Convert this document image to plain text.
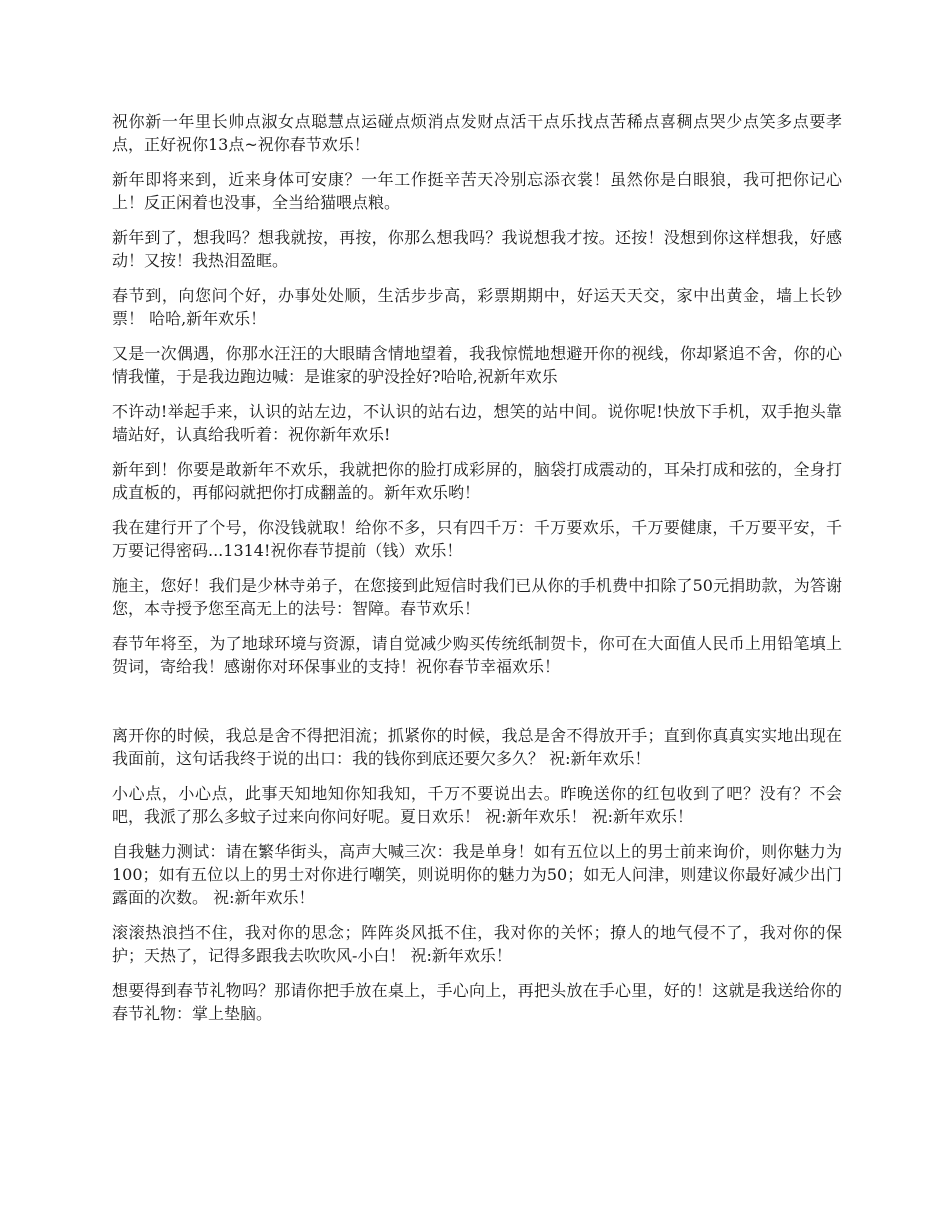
祝你新一年里长帅点淑女点聪慧点运碰点烦消点发财点活干点乐找点苦稀点喜稠点哭少点笑多点要孝点，正好祝你13点~祝你春节欢乐！

新年即将来到，近来身体可安康？一年工作挺辛苦天冷别忘添衣裳！虽然你是白眼狼，我可把你记心上！反正闲着也没事，全当给猫喂点粮。

新年到了，想我吗？想我就按，再按，你那么想我吗？我说想我才按。还按！没想到你这样想我，好感动！又按！我热泪盈眶。

春节到，向您问个好，办事处处顺，生活步步高，彩票期期中，好运天天交，家中出黄金，墙上长钞票！ 哈哈,新年欢乐！

又是一次偶遇，你那水汪汪的大眼睛含情地望着，我我惊慌地想避开你的视线，你却紧追不舍，你的心情我懂，于是我边跑边喊：是谁家的驴没拴好?哈哈,祝新年欢乐

不许动!举起手来，认识的站左边，不认识的站右边，想笑的站中间。说你呢!快放下手机，双手抱头靠墙站好，认真给我听着：祝你新年欢乐!

新年到！你要是敢新年不欢乐，我就把你的脸打成彩屏的，脑袋打成震动的，耳朵打成和弦的，全身打成直板的，再郁闷就把你打成翻盖的。新年欢乐哟！

我在建行开了个号，你没钱就取！给你不多，只有四千万：千万要欢乐，千万要健康，千万要平安，千万要记得密码...1314!祝你春节提前（钱）欢乐！

施主，您好！我们是少林寺弟子，在您接到此短信时我们已从你的手机费中扣除了50元捐助款，为答谢您，本寺授予您至高无上的法号：智障。春节欢乐！

春节年将至，为了地球环境与资源，请自觉减少购买传统纸制贺卡，你可在大面值人民币上用铅笔填上贺词，寄给我！感谢你对环保事业的支持！祝你春节幸福欢乐！

离开你的时候，我总是舍不得把泪流；抓紧你的时候，我总是舍不得放开手；直到你真真实实地出现在我面前，这句话我终于说的出口：我的钱你到底还要欠多久？ 祝:新年欢乐！

小心点，小心点，此事天知地知你知我知，千万不要说出去。昨晚送你的红包收到了吧？没有？不会吧，我派了那么多蚊子过来向你问好呢。夏日欢乐！ 祝:新年欢乐！ 祝:新年欢乐！

自我魅力测试：请在繁华街头，高声大喊三次：我是单身！如有五位以上的男士前来询价，则你魅力为100；如有五位以上的男士对你进行嘲笑，则说明你的魅力为50；如无人问津，则建议你最好减少出门露面的次数。 祝:新年欢乐！

滚滚热浪挡不住，我对你的思念；阵阵炎风抵不住，我对你的关怀；撩人的地气侵不了，我对你的保护；天热了，记得多跟我去吹吹风-小白！ 祝:新年欢乐！

想要得到春节礼物吗？那请你把手放在桌上，手心向上，再把头放在手心里，好的！这就是我送给你的春节礼物：掌上垫脑。
